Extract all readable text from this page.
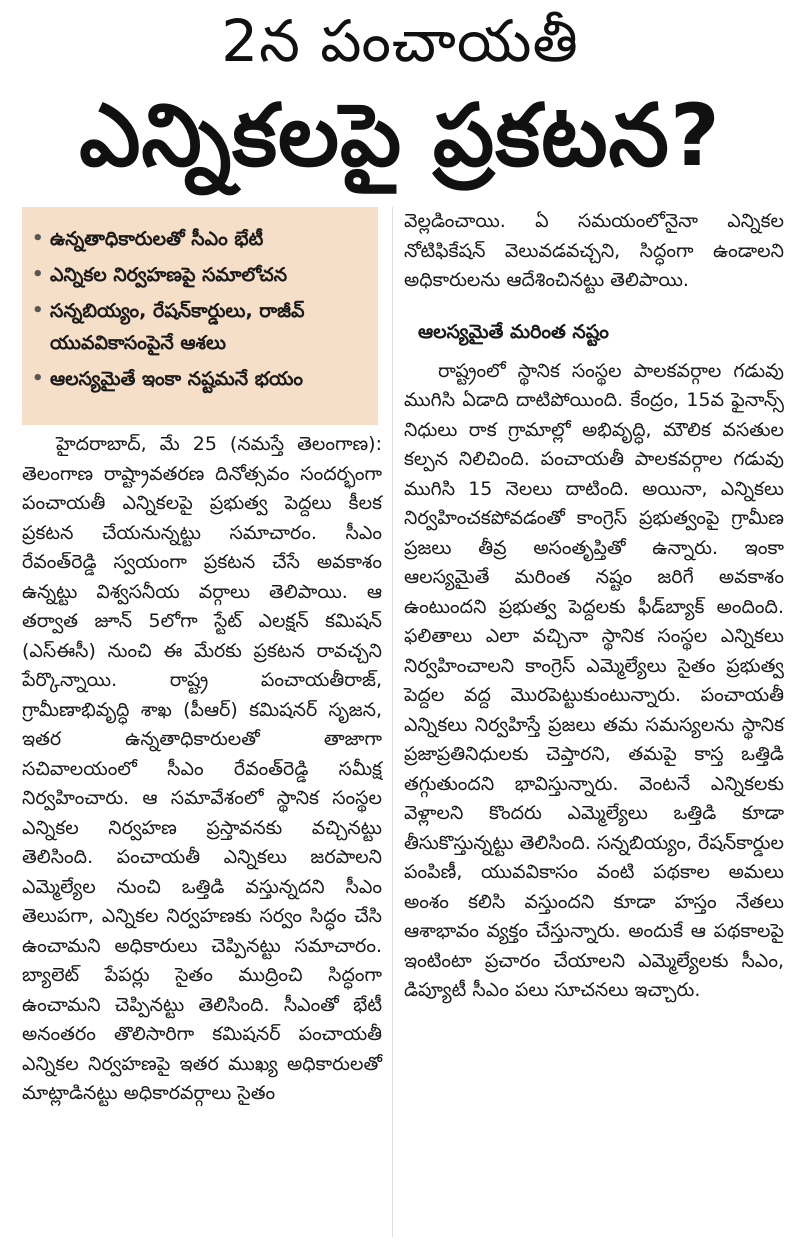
2న పంచాయతీ
ఎన్నికలపై ప్రకటన?
• ఉన్నతాధికారులతో సీఎం భేటీ
• ఎన్నికల నిర్వహణపై సమాలోచన
• సన్నబియ్యం, రేషన్‌కార్డులు, రాజీవ్ యువవికాసంపైనే ఆశలు
• ఆలస్యమైతే ఇంకా నష్టమనే భయం

హైదరాబాద్, మే 25 (నమస్తే తెలంగాణ): తెలంగాణ రాష్ట్రావతరణ దినోత్సవం సందర్భంగా పంచాయతీ ఎన్నికలపై ప్రభుత్వ పెద్దలు కీలక ప్రకటన చేయనున్నట్టు సమాచారం. సీఎం రేవంత్‌రెడ్డి స్వయంగా ప్రకటన చేసే అవకాశం ఉన్నట్టు విశ్వసనీయ వర్గాలు తెలిపాయి. ఆ తర్వాత జూన్ 5లోగా స్టేట్ ఎలక్షన్ కమిషన్ (ఎస్‌ఈసీ) నుంచి ఈ మేరకు ప్రకటన రావచ్చని పేర్కొన్నాయి. రాష్ట్ర పంచాయతీరాజ్, గ్రామీణాభివృద్ధి శాఖ (పీఆర్) కమిషనర్ సృజన, ఇతర ఉన్నతాధికారులతో తాజాగా సచివాలయంలో సీఎం రేవంత్‌రెడ్డి సమీక్ష నిర్వహించారు. ఆ సమావేశంలో స్థానిక సంస్థల ఎన్నికల నిర్వహణ ప్రస్తావనకు వచ్చినట్టు తెలిసింది. పంచాయతీ ఎన్నికలు జరపాలని ఎమ్మెల్యేల నుంచి ఒత్తిడి వస్తున్నదని సీఎం తెలుపగా, ఎన్నికల నిర్వహణకు సర్వం సిద్ధం చేసి ఉంచామని అధికారులు చెప్పినట్టు సమాచారం. బ్యాలెట్ పేపర్లు సైతం ముద్రించి సిద్ధంగా ఉంచామని చెప్పినట్టు తెలిసింది. సీఎంతో భేటీ అనంతరం తొలిసారిగా కమిషనర్ పంచాయతీ ఎన్నికల నిర్వహణపై ఇతర ముఖ్య అధికారులతో మాట్లాడినట్టు అధికారవర్గాలు సైతం

వెల్లడించాయి. ఏ సమయంలోనైనా ఎన్నికల నోటిఫికేషన్ వెలువడవచ్చని, సిద్ధంగా ఉండాలని అధికారులను ఆదేశించినట్టు తెలిపాయి.

ఆలస్యమైతే మరింత నష్టం

రాష్ట్రంలో స్థానిక సంస్థల పాలకవర్గాల గడువు ముగిసి ఏడాది దాటిపోయింది. కేంద్రం, 15వ ఫైనాన్స్ నిధులు రాక గ్రామాల్లో అభివృద్ధి, మౌలిక వసతుల కల్పన నిలిచింది. పంచాయతీ పాలకవర్గాల గడువు ముగిసి 15 నెలలు దాటింది. అయినా, ఎన్నికలు నిర్వహించకపోవడంతో కాంగ్రెస్ ప్రభుత్వంపై గ్రామీణ ప్రజలు తీవ్ర అసంతృప్తితో ఉన్నారు. ఇంకా ఆలస్యమైతే మరింత నష్టం జరిగే అవకాశం ఉంటుందని ప్రభుత్వ పెద్దలకు ఫీడ్‌బ్యాక్ అందింది. ఫలితాలు ఎలా వచ్చినా స్థానిక సంస్థల ఎన్నికలు నిర్వహించాలని కాంగ్రెస్ ఎమ్మెల్యేలు సైతం ప్రభుత్వ పెద్దల వద్ద మొరపెట్టుకుంటున్నారు. పంచాయతీ ఎన్నికలు నిర్వహిస్తే ప్రజలు తమ సమస్యలను స్థానిక ప్రజాప్రతినిధులకు చెప్తారని, తమపై కాస్త ఒత్తిడి తగ్గుతుందని భావిస్తున్నారు. వెంటనే ఎన్నికలకు వెళ్లాలని కొందరు ఎమ్మెల్యేలు ఒత్తిడి కూడా తీసుకొస్తున్నట్టు తెలిసింది. సన్నబియ్యం, రేషన్‌కార్డుల పంపిణీ, యువవికాసం వంటి పథకాల అమలు అంశం కలిసి వస్తుందని కూడా హస్తం నేతలు ఆశాభావం వ్యక్తం చేస్తున్నారు. అందుకే ఆ పథకాలపై ఇంటింటా ప్రచారం చేయాలని ఎమ్మెల్యేలకు సీఎం, డిప్యూటీ సీఎం పలు సూచనలు ఇచ్చారు.
